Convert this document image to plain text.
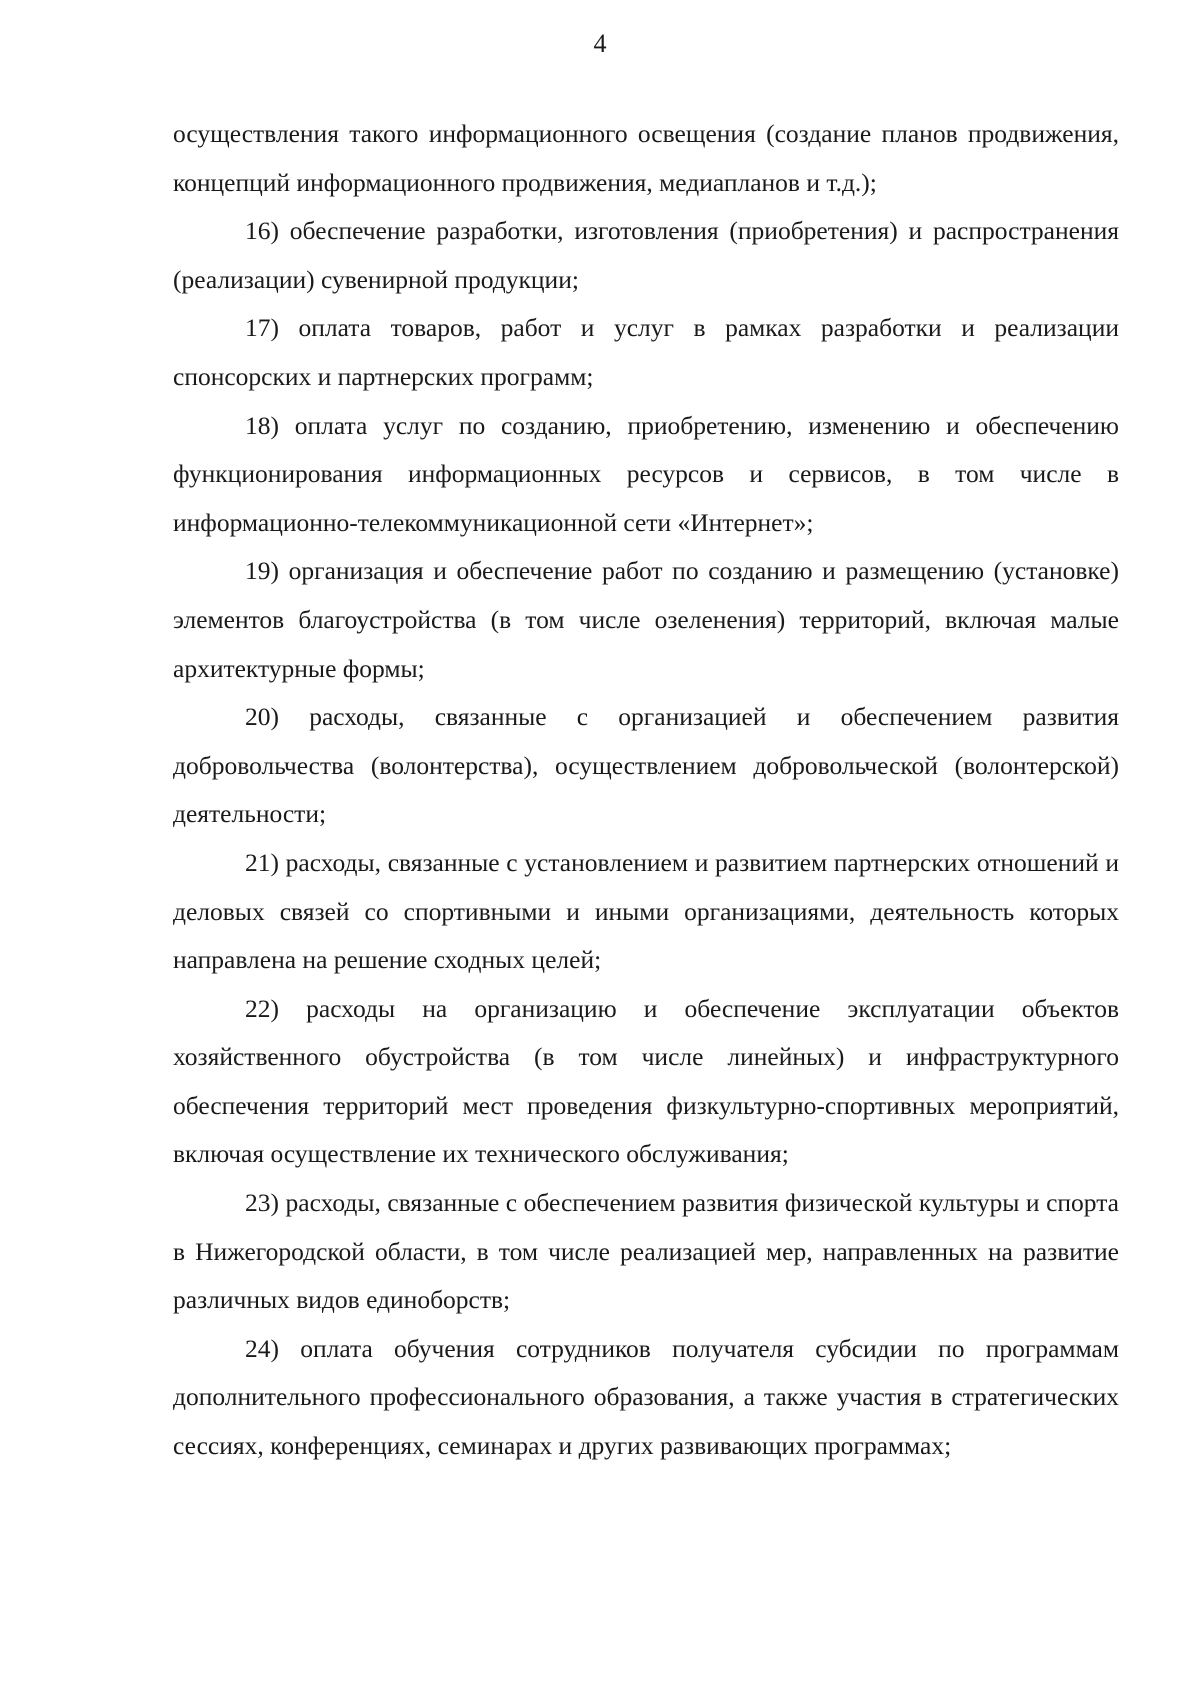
4

осуществления такого информационного освещения (создание планов продвижения, концепций информационного продвижения, медиапланов и т.д.);

16) обеспечение разработки, изготовления (приобретения) и распространения (реализации) сувенирной продукции;

17) оплата товаров, работ и услуг в рамках разработки и реализации спонсорских и партнерских программ;

18) оплата услуг по созданию, приобретению, изменению и обеспечению функционирования информационных ресурсов и сервисов, в том числе в информационно-телекоммуникационной сети «Интернет»;

19) организация и обеспечение работ по созданию и размещению (установке) элементов благоустройства (в том числе озеленения) территорий, включая малые архитектурные формы;

20) расходы, связанные с организацией и обеспечением развития добровольчества (волонтерства), осуществлением добровольческой (волонтерской) деятельности;

21) расходы, связанные с установлением и развитием партнерских отношений и деловых связей со спортивными и иными организациями, деятельность которых направлена на решение сходных целей;

22) расходы на организацию и обеспечение эксплуатации объектов хозяйственного обустройства (в том числе линейных) и инфраструктурного обеспечения территорий мест проведения физкультурно-спортивных мероприятий, включая осуществление их технического обслуживания;

23) расходы, связанные с обеспечением развития физической культуры и спорта в Нижегородской области, в том числе реализацией мер, направленных на развитие различных видов единоборств;

24) оплата обучения сотрудников получателя субсидии по программам дополнительного профессионального образования, а также участия в стратегических сессиях, конференциях, семинарах и других развивающих программах;
